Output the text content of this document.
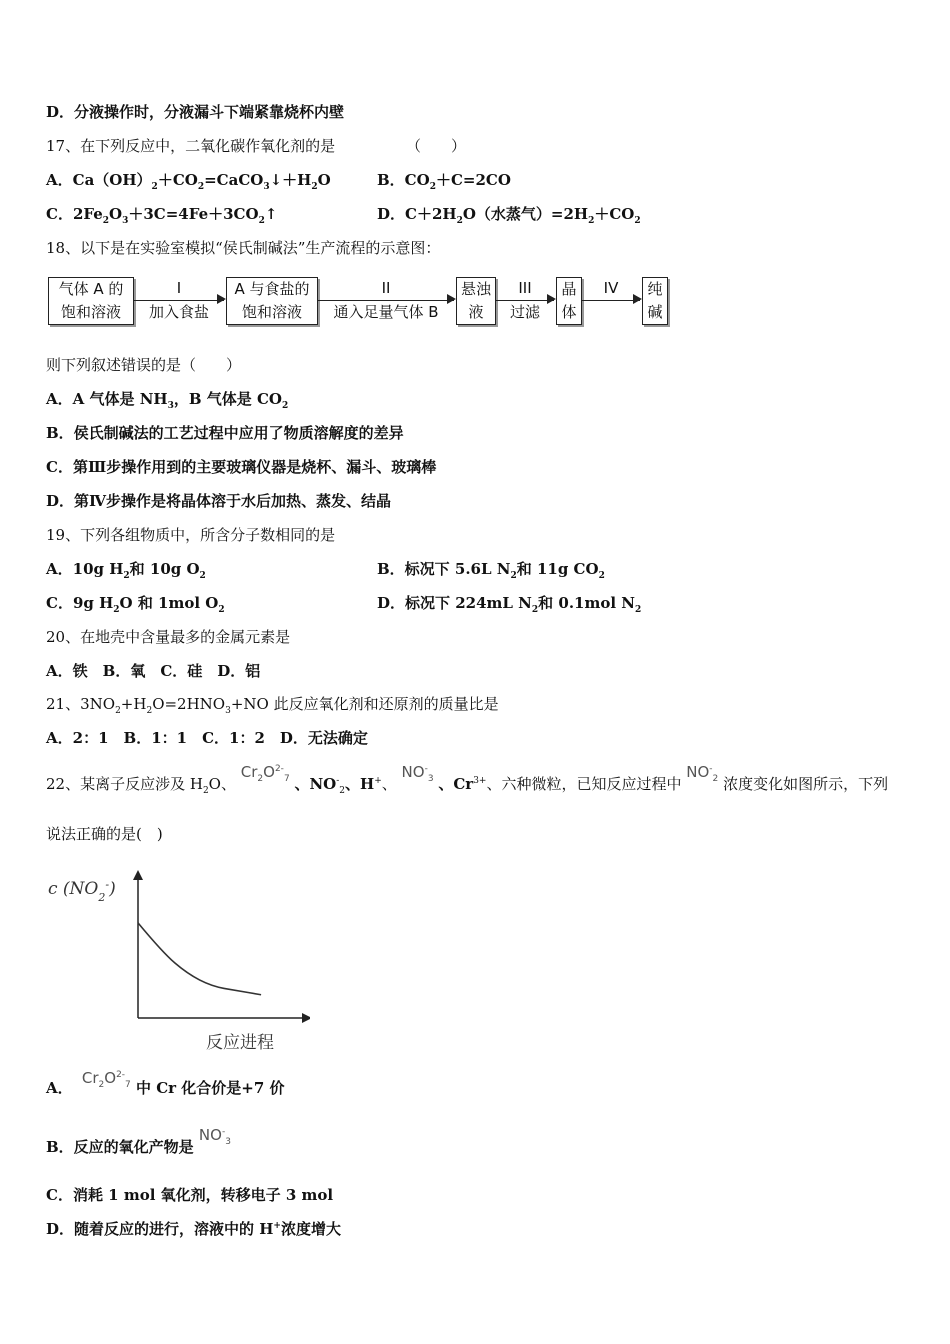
D．分液操作时，分液漏斗下端紧靠烧杯内壁
17、在下列反应中，二氧化碳作氧化剂的是	（　　）
A．$Ca(OH)_2+CO_2=CaCO_3↓+H_2O$	B．$CO_2+C=2CO$
C．$2Fe_2O_3+3C=4Fe+3CO_2↑$	D．$C+2H_2O$（水蒸气）$=2H_2+CO_2$
18、以下是在实验室模拟“侯氏制碱法”生产流程的示意图：
气体 A 的
饱和溶液
I
加入食盐
A 与食盐的
饱和溶液
II
通入足量气体 B
悬浊
液
III
过滤
晶
体
IV	纯
碱
则下列叙述错误的是（　　）
A．A 气体是 $NH_3$，B 气体是 $CO_2$
B．侯氏制碱法的工艺过程中应用了物质溶解度的差异
C．第Ⅲ步操作用到的主要玻璃仪器是烧杯、漏斗、玻璃棒
D．第Ⅳ步操作是将晶体溶于水后加热、蒸发、结晶
19、下列各组物质中，所含分子数相同的是
A．10g $H_2$和 10g $O_2$	B．标况下 5.6L $N_2$和 11g $CO_2$
C．9g $H_2O$ 和 1mol $O_2$	D．标况下 224mL $N_2$和 0.1mol $N_2$
20、在地壳中含量最多的金属元素是
A．铁　B．氧　C．硅　D．铝
21、$3NO_2+H_2O=2HNO_3+NO$ 此反应氧化剂和还原剂的质量比是
A．2：1　B．1：1　C．1：2　D．无法确定
22、某离子反应涉及 $H_2O$、 $Cr_2O^{2-}_7$ 、$NO^-_2$、H+、 $NO^-_3$ 、$Cr^{3+}$、六种微粒，已知反应过程中 $NO^-_2$ 浓度变化如图所示，下列
说法正确的是(　)
c $(NO_2^-)$
反应进程
A． $Cr_2O^{2-}_7$ 中 Cr 化合价是+7 价
B．反应的氧化产物是 $NO^-_3$
C．消耗 1 mol 氧化剂，转移电子 3 mol
D．随着反应的进行，溶液中的 H+浓度增大
